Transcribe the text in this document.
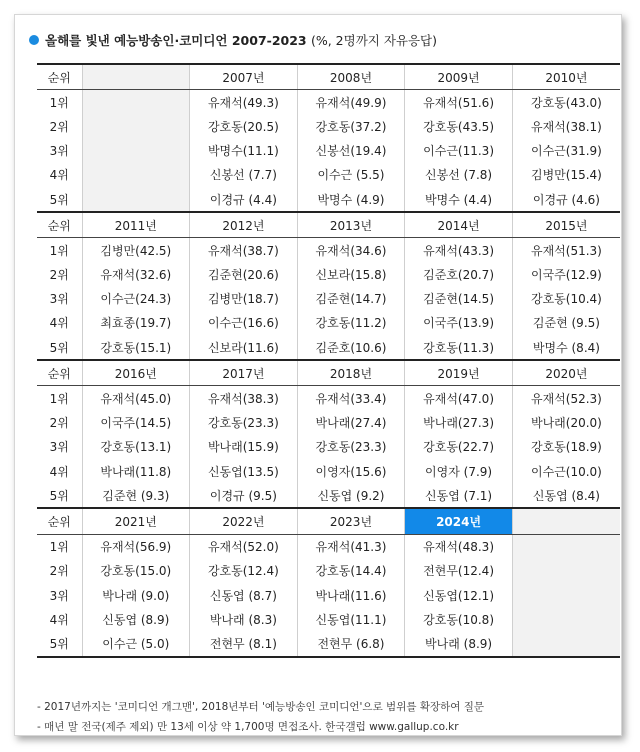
올해를 빛낸 예능방송인·코미디언 2007-2023
(%, 2명까지 자유응답)
순위		2007년	2008년	2009년	2010년
1위		유재석(49.3)	유재석(49.9)	유재석(51.6)	강호동(43.0)
2위		강호동(20.5)	강호동(37.2)	강호동(43.5)	유재석(38.1)
3위		박명수(11.1)	신봉선(19.4)	이수근(11.3)	이수근(31.9)
4위		신봉선 (7.7)	이수근 (5.5)	신봉선 (7.8)	김병만(15.4)
5위		이경규 (4.4)	박명수 (4.9)	박명수 (4.4)	이경규 (4.6)
순위	2011년	2012년	2013년	2014년	2015년
1위	김병만(42.5)	유재석(38.7)	유재석(34.6)	유재석(43.3)	유재석(51.3)
2위	유재석(32.6)	김준현(20.6)	신보라(15.8)	김준호(20.7)	이국주(12.9)
3위	이수근(24.3)	김병만(18.7)	김준현(14.7)	김준현(14.5)	강호동(10.4)
4위	최효종(19.7)	이수근(16.6)	강호동(11.2)	이국주(13.9)	김준현 (9.5)
5위	강호동(15.1)	신보라(11.6)	김준호(10.6)	강호동(11.3)	박명수 (8.4)
순위	2016년	2017년	2018년	2019년	2020년
1위	유재석(45.0)	유재석(38.3)	유재석(33.4)	유재석(47.0)	유재석(52.3)
2위	이국주(14.5)	강호동(23.3)	박나래(27.4)	박나래(27.3)	박나래(20.0)
3위	강호동(13.1)	박나래(15.9)	강호동(23.3)	강호동(22.7)	강호동(18.9)
4위	박나래(11.8)	신동엽(13.5)	이영자(15.6)	이영자 (7.9)	이수근(10.0)
5위	김준현 (9.3)	이경규 (9.5)	신동엽 (9.2)	신동엽 (7.1)	신동엽 (8.4)
순위	2021년	2022년	2023년	2024년	
1위	유재석(56.9)	유재석(52.0)	유재석(41.3)	유재석(48.3)	
2위	강호동(15.0)	강호동(12.4)	강호동(14.4)	전현무(12.4)	
3위	박나래 (9.0)	신동엽 (8.7)	박나래(11.6)	신동엽(12.1)	
4위	신동엽 (8.9)	박나래 (8.3)	신동엽(11.1)	강호동(10.8)	
5위	이수근 (5.0)	전현무 (8.1)	전현무 (6.8)	박나래 (8.9)	
- 2017년까지는 '코미디언 개그맨', 2018년부터 '예능방송인 코미디언'으로 범위를 확장하여 질문
- 매년 말 전국(제주 제외) 만 13세 이상 약 1,700명 면접조사. 한국갤럽 www.gallup.co.kr
